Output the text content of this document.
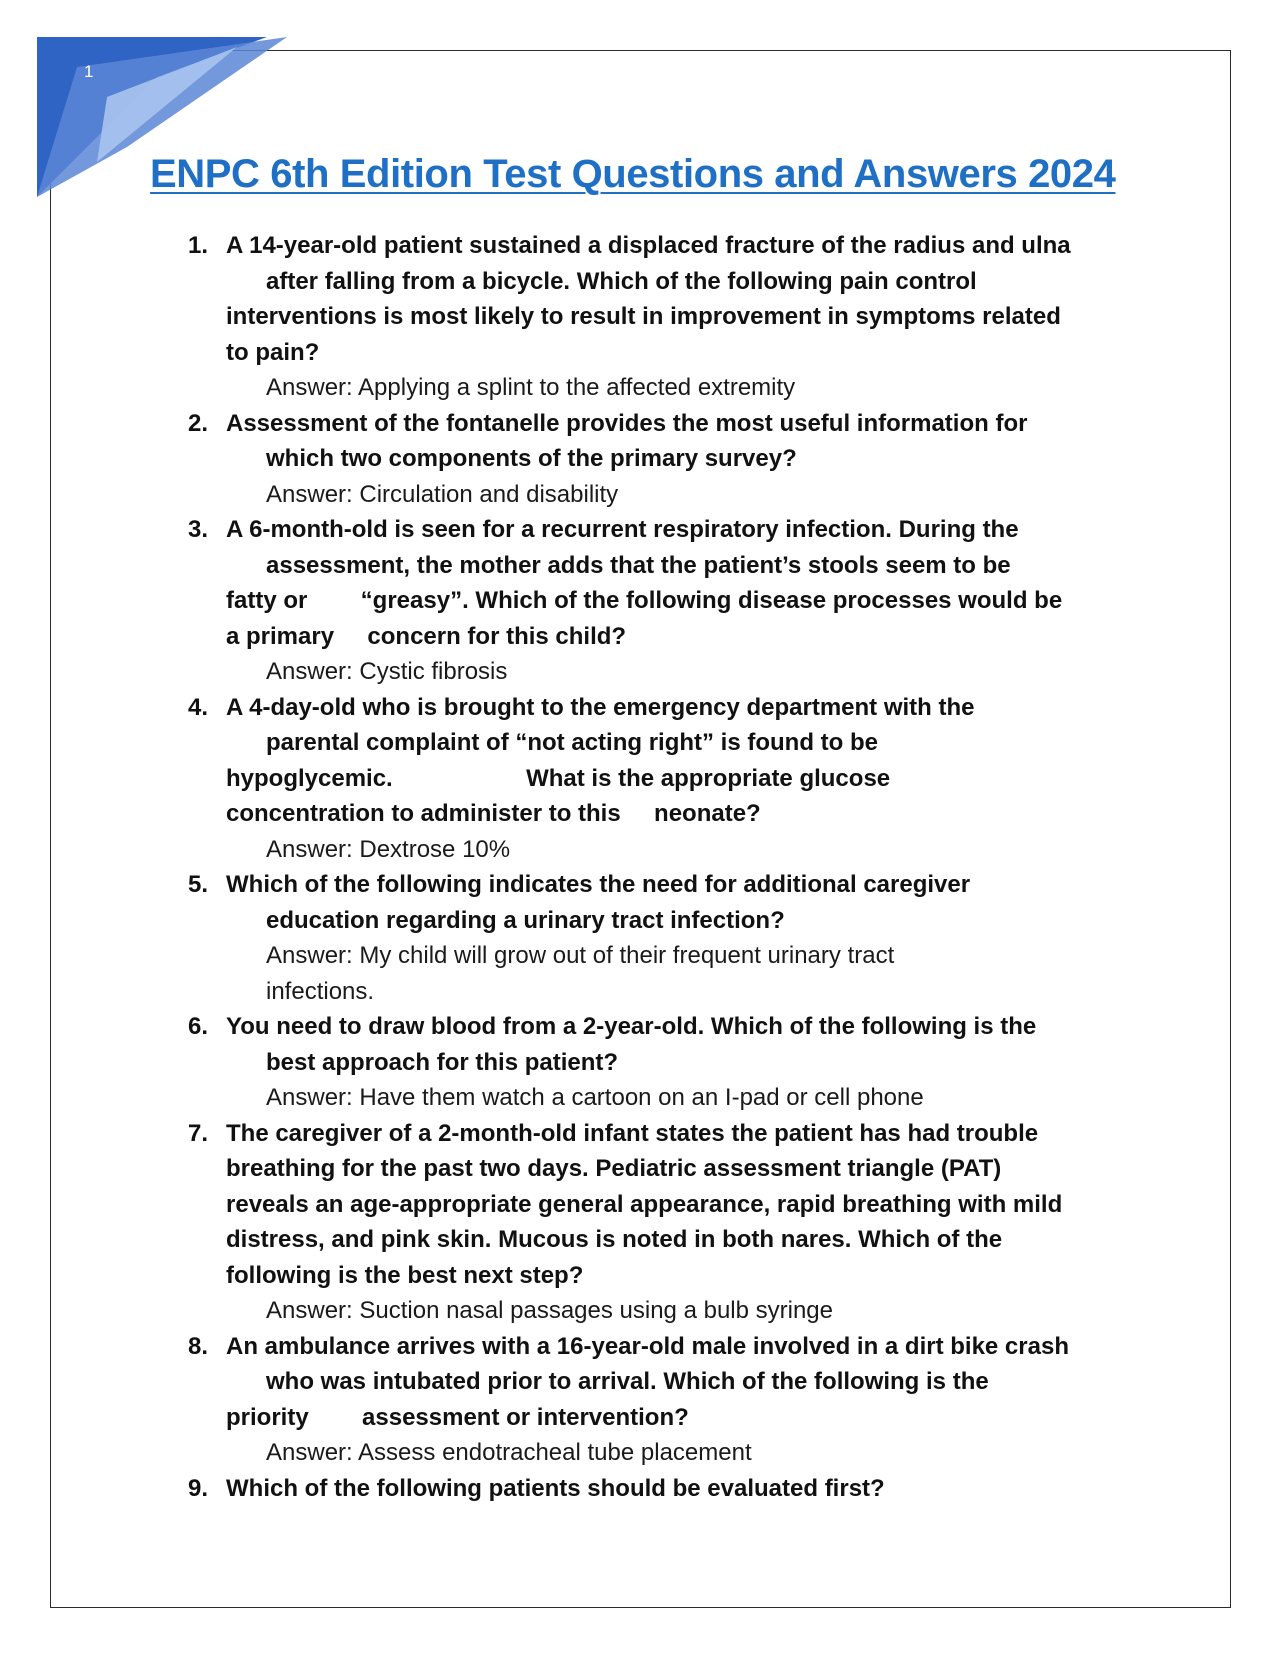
1
ENPC 6th Edition Test Questions and Answers 2024
1. A 14-year-old patient sustained a displaced fracture of the radius and ulna
after falling from a bicycle. Which of the following pain control
interventions is most likely to result in improvement in symptoms related
to pain?
Answer: Applying a splint to the affected extremity
2. Assessment of the fontanelle provides the most useful information for
which two components of the primary survey?
Answer: Circulation and disability
3. A 6-month-old is seen for a recurrent respiratory infection. During the
assessment, the mother adds that the patient’s stools seem to be
fatty or        “greasy”. Which of the following disease processes would be
a primary     concern for this child?
Answer: Cystic fibrosis
4. A 4-day-old who is brought to the emergency department with the
parental complaint of “not acting right” is found to be
hypoglycemic.                    What is the appropriate glucose
concentration to administer to this     neonate?
Answer: Dextrose 10%
5. Which of the following indicates the need for additional caregiver
education regarding a urinary tract infection?
Answer: My child will grow out of their frequent urinary tract
infections.
6. You need to draw blood from a 2-year-old. Which of the following is the
best approach for this patient?
Answer: Have them watch a cartoon on an I-pad or cell phone
7. The caregiver of a 2-month-old infant states the patient has had trouble
breathing for the past two days. Pediatric assessment triangle (PAT)
reveals an age-appropriate general appearance, rapid breathing with mild
distress, and pink skin. Mucous is noted in both nares. Which of the
following is the best next step?
Answer: Suction nasal passages using a bulb syringe
8. An ambulance arrives with a 16-year-old male involved in a dirt bike crash
who was intubated prior to arrival. Which of the following is the
priority        assessment or intervention?
Answer: Assess endotracheal tube placement
9. Which of the following patients should be evaluated first?
